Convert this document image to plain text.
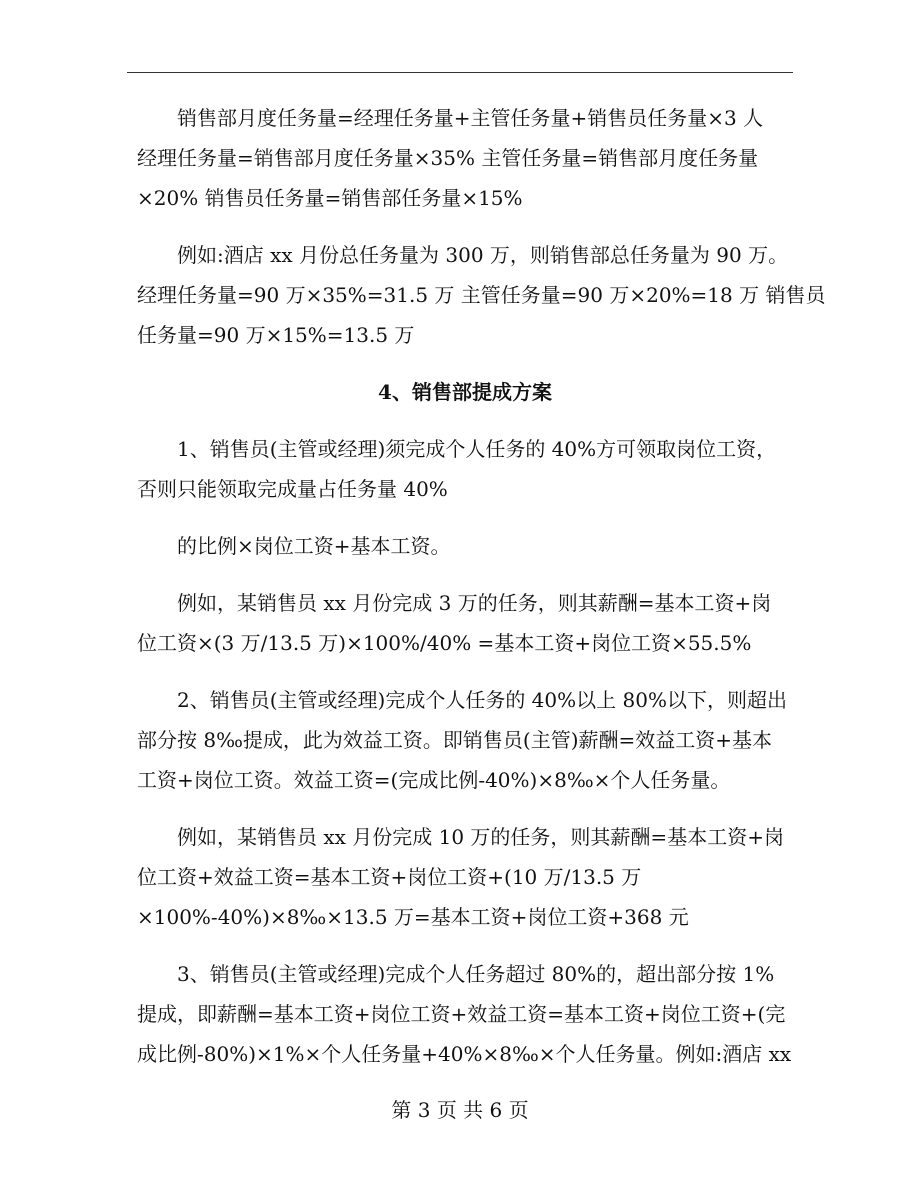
　　销售部月度任务量=经理任务量+主管任务量+销售员任务量×3 人
经理任务量=销售部月度任务量×35% 主管任务量=销售部月度任务量
×20% 销售员任务量=销售部任务量×15%
　　例如:酒店 xx 月份总任务量为 300 万，则销售部总任务量为 90 万。
经理任务量=90 万×35%=31.5 万 主管任务量=90 万×20%=18 万 销售员
任务量=90 万×15%=13.5 万
4、销售部提成方案
　　1、销售员(主管或经理)须完成个人任务的 40%方可领取岗位工资，
否则只能领取完成量占任务量 40%
　　的比例×岗位工资+基本工资。
　　例如，某销售员 xx 月份完成 3 万的任务，则其薪酬=基本工资+岗
位工资×(3 万/13.5 万)×100%/40% =基本工资+岗位工资×55.5%
　　2、销售员(主管或经理)完成个人任务的 40%以上 80%以下，则超出
部分按 8‰提成，此为效益工资。即销售员(主管)薪酬=效益工资+基本
工资+岗位工资。效益工资=(完成比例-40%)×8‰×个人任务量。
　　例如，某销售员 xx 月份完成 10 万的任务，则其薪酬=基本工资+岗
位工资+效益工资=基本工资+岗位工资+(10 万/13.5 万
×100%-40%)×8‰×13.5 万=基本工资+岗位工资+368 元
　　3、销售员(主管或经理)完成个人任务超过 80%的，超出部分按 1%
提成，即薪酬=基本工资+岗位工资+效益工资=基本工资+岗位工资+(完
成比例-80%)×1%×个人任务量+40%×8‰×个人任务量。例如:酒店 xx
第 3 页 共 6 页
